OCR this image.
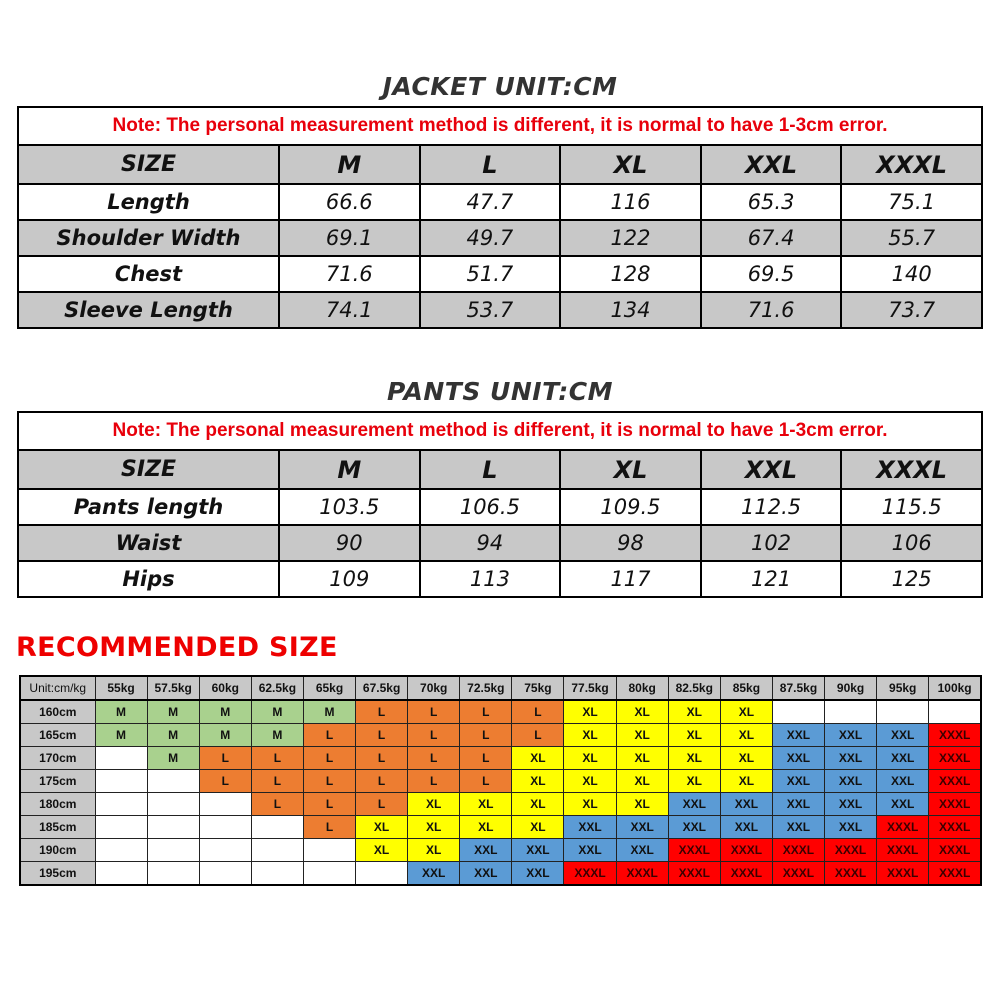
JACKET UNIT:CM
Note: The personal measurement method is different, it is normal to have 1-3cm error.					
SIZE	M	L	XL	XXL	XXXL
Length	66.6	47.7	116	65.3	75.1
Shoulder Width	69.1	49.7	122	67.4	55.7
Chest	71.6	51.7	128	69.5	140
Sleeve Length	74.1	53.7	134	71.6	73.7
PANTS UNIT:CM
Note: The personal measurement method is different, it is normal to have 1-3cm error.					
SIZE	M	L	XL	XXL	XXXL
Pants length	103.5	106.5	109.5	112.5	115.5
Waist	90	94	98	102	106
Hips	109	113	117	121	125
RECOMMENDED SIZE
Unit:cm/kg	55kg	57.5kg	60kg	62.5kg	65kg	67.5kg	70kg	72.5kg	75kg	77.5kg	80kg	82.5kg	85kg	87.5kg	90kg	95kg	100kg
160cm	M	M	M	M	M	L	L	L	L	XL	XL	XL	XL				
165cm	M	M	M	M	L	L	L	L	L	XL	XL	XL	XL	XXL	XXL	XXL	XXXL
170cm		M	L	L	L	L	L	L	XL	XL	XL	XL	XL	XXL	XXL	XXL	XXXL
175cm			L	L	L	L	L	L	XL	XL	XL	XL	XL	XXL	XXL	XXL	XXXL
180cm				L	L	L	XL	XL	XL	XL	XL	XXL	XXL	XXL	XXL	XXL	XXXL
185cm					L	XL	XL	XL	XL	XXL	XXL	XXL	XXL	XXL	XXL	XXXL	XXXL
190cm						XL	XL	XXL	XXL	XXL	XXL	XXXL	XXXL	XXXL	XXXL	XXXL	XXXL
195cm							XXL	XXL	XXL	XXXL	XXXL	XXXL	XXXL	XXXL	XXXL	XXXL	XXXL
